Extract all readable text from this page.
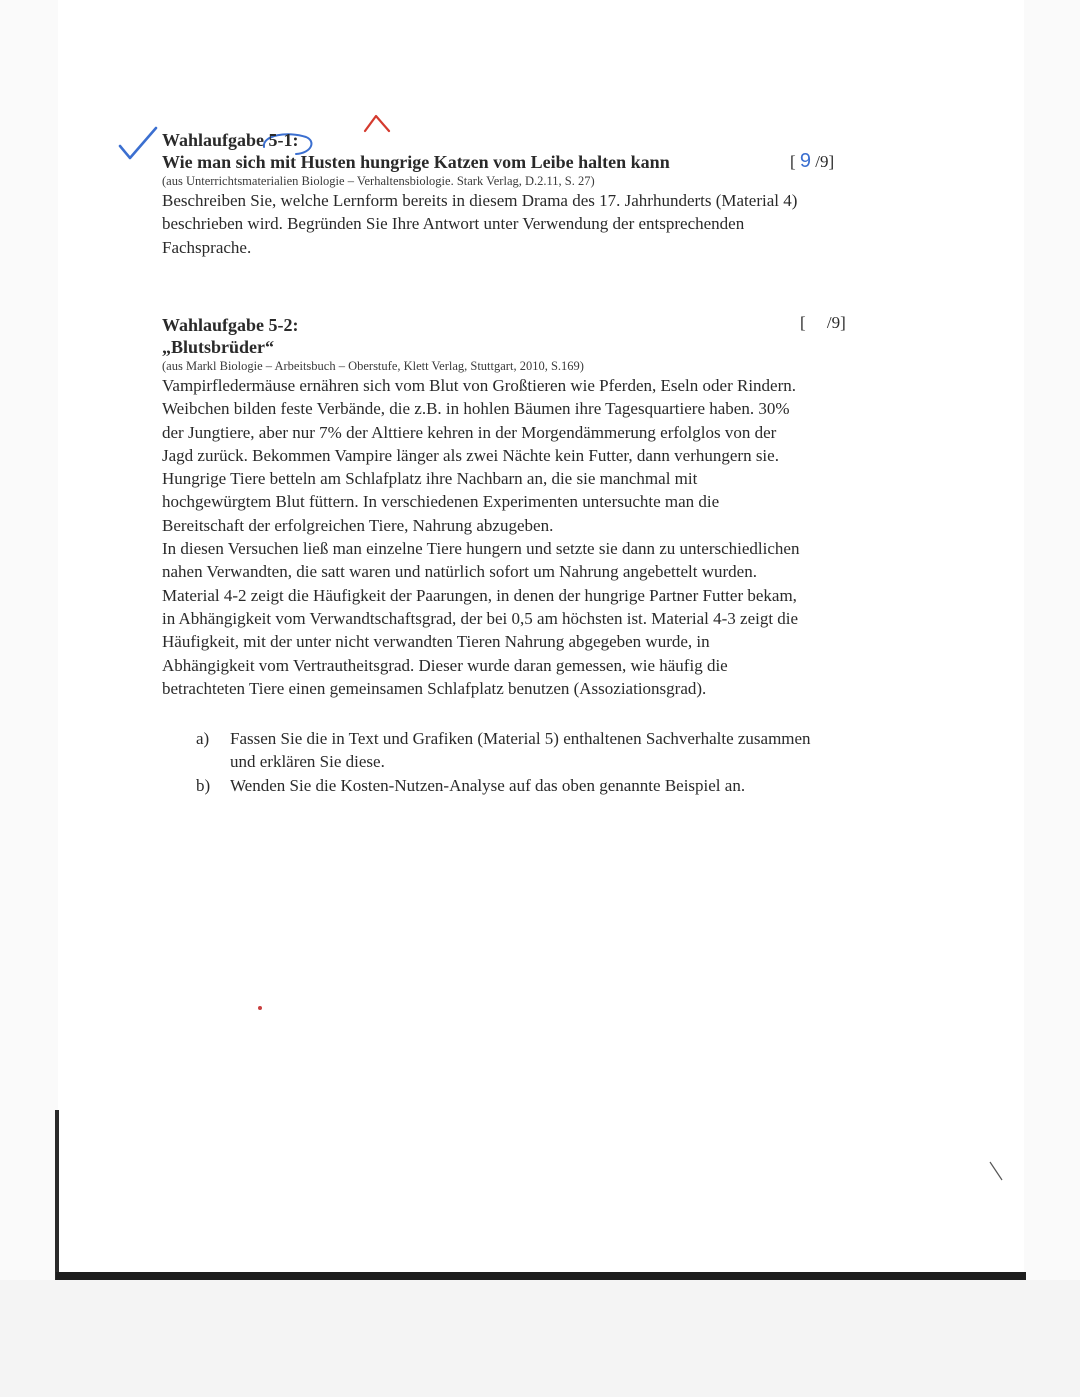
Wahlaufgabe 5-1:
Wie man sich mit Husten hungrige Katzen vom Leibe halten kann
(aus Unterrichtsmaterialien Biologie – Verhaltensbiologie. Stark Verlag, D.2.11, S. 27)
Beschreiben Sie, welche Lernform bereits in diesem Drama des 17. Jahrhunderts (Material 4)
beschrieben wird. Begründen Sie Ihre Antwort unter Verwendung der entsprechenden
Fachsprache.
[ 9 /9]
Wahlaufgabe 5-2:
„Blutsbrüder“
(aus Markl Biologie – Arbeitsbuch – Oberstufe, Klett Verlag, Stuttgart, 2010, S.169)
Vampirfledermäuse ernähren sich vom Blut von Großtieren wie Pferden, Eseln oder Rindern.
Weibchen bilden feste Verbände, die z.B. in hohlen Bäumen ihre Tagesquartiere haben. 30%
der Jungtiere, aber nur 7% der Alttiere kehren in der Morgendämmerung erfolglos von der
Jagd zurück. Bekommen Vampire länger als zwei Nächte kein Futter, dann verhungern sie.
Hungrige Tiere betteln am Schlafplatz ihre Nachbarn an, die sie manchmal mit
hochgewürgtem Blut füttern. In verschiedenen Experimenten untersuchte man die
Bereitschaft der erfolgreichen Tiere, Nahrung abzugeben.
In diesen Versuchen ließ man einzelne Tiere hungern und setzte sie dann zu unterschiedlichen
nahen Verwandten, die satt waren und natürlich sofort um Nahrung angebettelt wurden.
Material 4-2 zeigt die Häufigkeit der Paarungen, in denen der hungrige Partner Futter bekam,
in Abhängigkeit vom Verwandtschaftsgrad, der bei 0,5 am höchsten ist. Material 4-3 zeigt die
Häufigkeit, mit der unter nicht verwandten Tieren Nahrung abgegeben wurde, in
Abhängigkeit vom Vertrautheitsgrad. Dieser wurde daran gemessen, wie häufig die
betrachteten Tiere einen gemeinsamen Schlafplatz benutzen (Assoziationsgrad).
[     /9]
a)	Fassen Sie die in Text und Grafiken (Material 5) enthaltenen Sachverhalte zusammen
und erklären Sie diese.
b)	Wenden Sie die Kosten-Nutzen-Analyse auf das oben genannte Beispiel an.
